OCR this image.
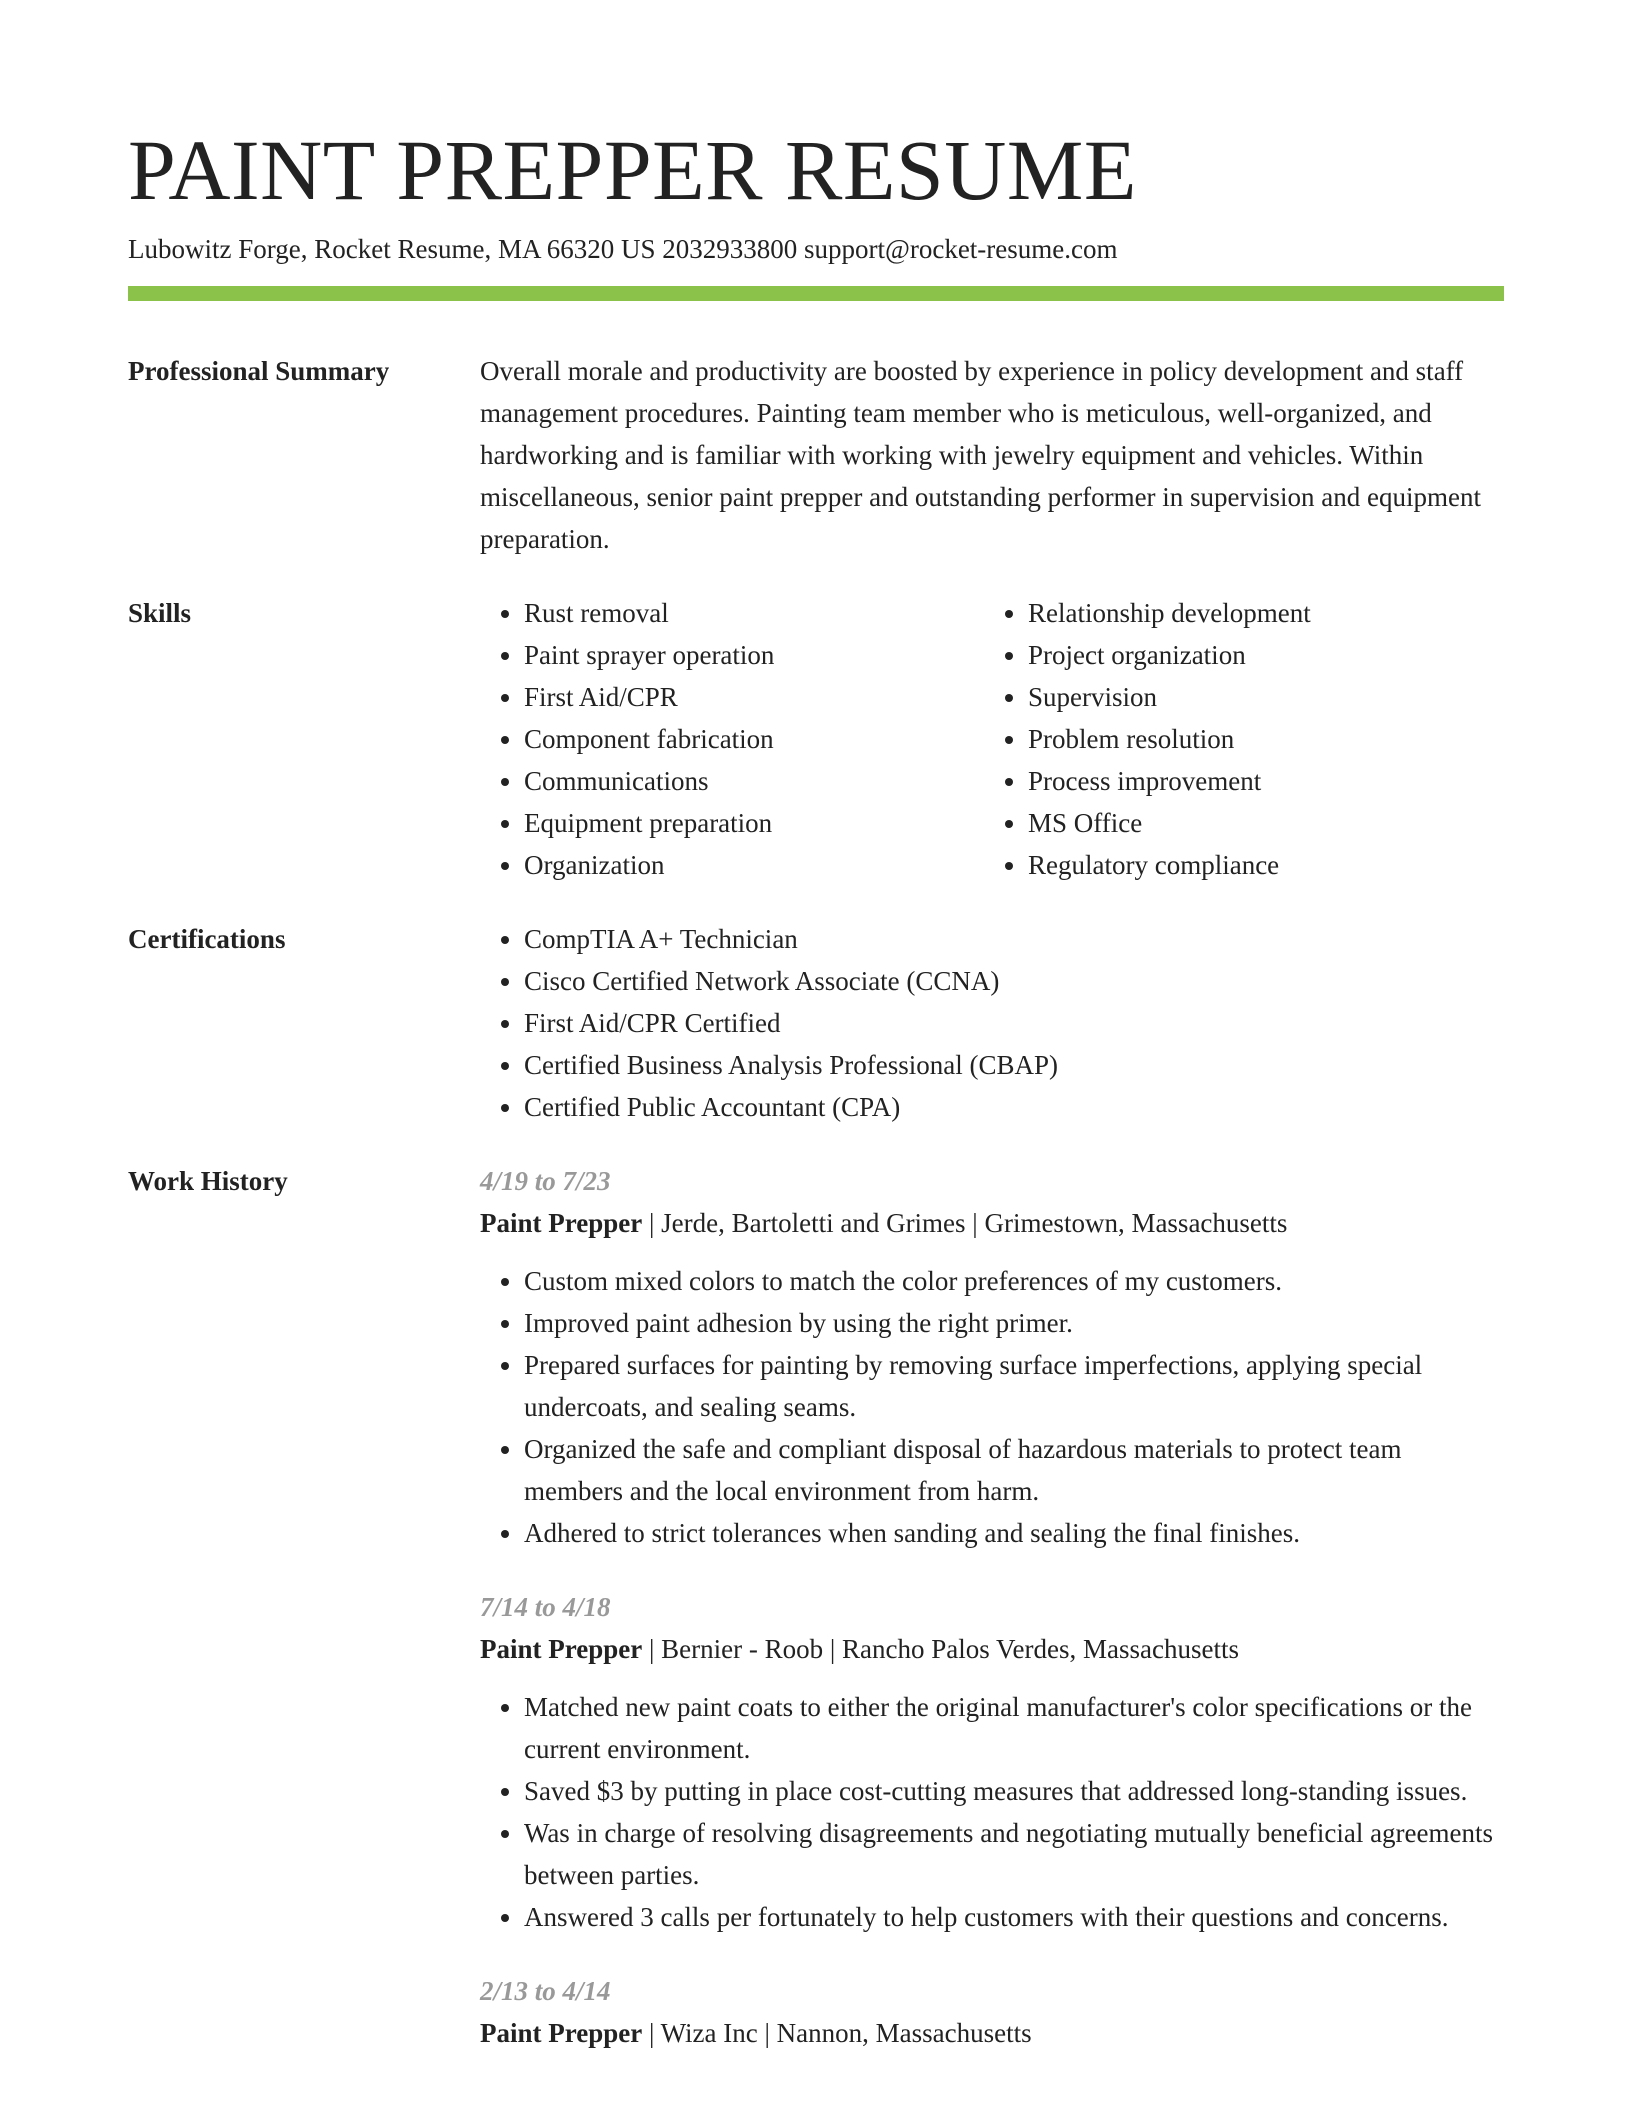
PAINT PREPPER RESUME
Lubowitz Forge, Rocket Resume, MA 66320 US 2032933800 support@rocket-resume.com
Professional Summary	Overall morale and productivity are boosted by experience in policy development and staff management procedures. Painting team member who is meticulous, well-organized, and hardworking and is familiar with working with jewelry equipment and vehicles. Within miscellaneous, senior paint prepper and outstanding performer in supervision and equipment preparation.

Skills	• Rust removal
• Paint sprayer operation
• First Aid/CPR
• Component fabrication
• Communications
• Equipment preparation
• Organization
• Relationship development
• Project organization
• Supervision
• Problem resolution
• Process improvement
• MS Office
• Regulatory compliance
Certifications	• CompTIA A+ Technician
• Cisco Certified Network Associate (CCNA)
• First Aid/CPR Certified
• Certified Business Analysis Professional (CBAP)
• Certified Public Accountant (CPA)
Work History	4/19 to 7/23
Paint Prepper | Jerde, Bartoletti and Grimes | Grimestown, Massachusetts
• Custom mixed colors to match the color preferences of my customers.
• Improved paint adhesion by using the right primer.
• Prepared surfaces for painting by removing surface imperfections, applying special undercoats, and sealing seams.
• Organized the safe and compliant disposal of hazardous materials to protect team members and the local environment from harm.
• Adhered to strict tolerances when sanding and sealing the final finishes.
7/14 to 4/18
Paint Prepper | Bernier - Roob | Rancho Palos Verdes, Massachusetts
• Matched new paint coats to either the original manufacturer's color specifications or the current environment.
• Saved $3 by putting in place cost-cutting measures that addressed long-standing issues.
• Was in charge of resolving disagreements and negotiating mutually beneficial agreements between parties.
• Answered 3 calls per fortunately to help customers with their questions and concerns.
2/13 to 4/14
Paint Prepper | Wiza Inc | Nannon, Massachusetts
